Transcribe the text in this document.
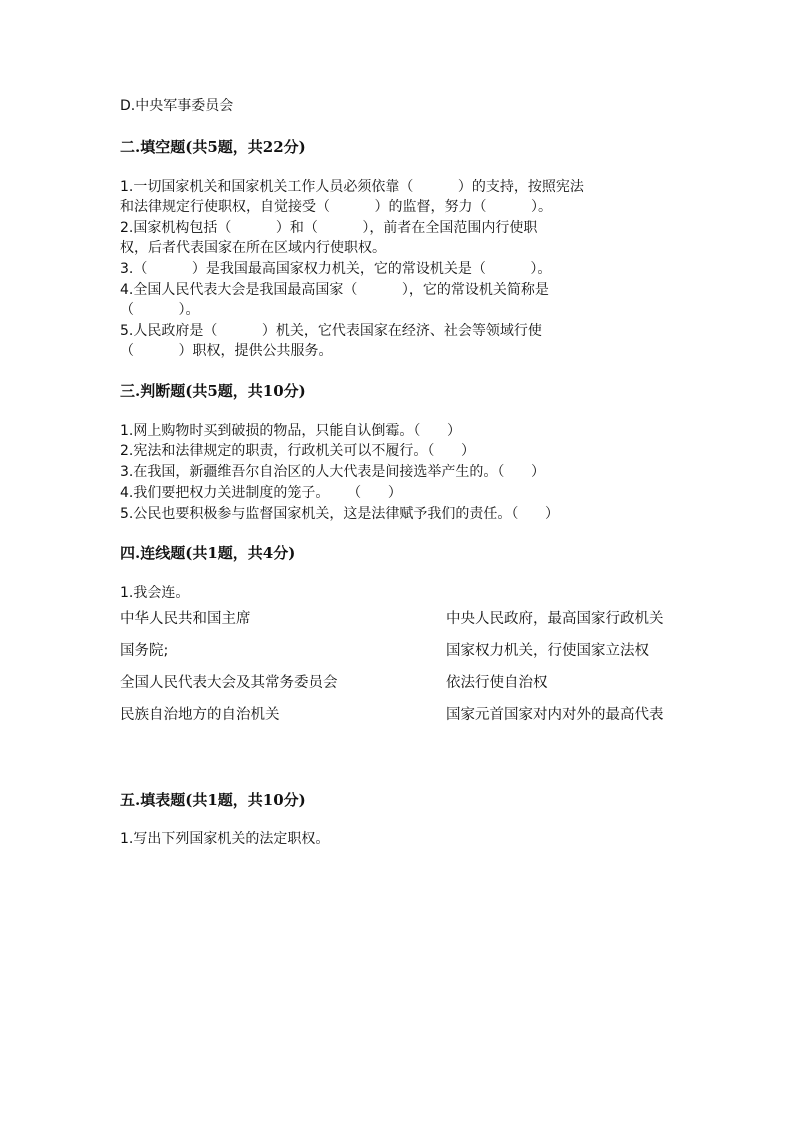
D.中央军事委员会
二.填空题(共5题，共22分)
1.一切国家机关和国家机关工作人员必须依靠（          ）的支持，按照宪法
和法律规定行使职权，自觉接受（          ）的监督，努力（          ）。
2.国家机构包括（          ）和（          ），前者在全国范围内行使职
权，后者代表国家在所在区域内行使职权。
3.（          ）是我国最高国家权力机关，它的常设机关是（          ）。
4.全国人民代表大会是我国最高国家（          ），它的常设机关简称是
（          ）。
5.人民政府是（          ）机关，它代表国家在经济、社会等领域行使
（          ）职权，提供公共服务。
三.判断题(共5题，共10分)
1.网上购物时买到破损的物品，只能自认倒霉。（      ）
2.宪法和法律规定的职责，行政机关可以不履行。（      ）
3.在我国，新疆维吾尔自治区的人大代表是间接选举产生的。（      ）
4.我们要把权力关进制度的笼子。    （      ）
5.公民也要积极参与监督国家机关，这是法律赋予我们的责任。（      ）
四.连线题(共1题，共4分)
1.我会连。
中华人民共和国主席
国务院;
全国人民代表大会及其常务委员会
民族自治地方的自治机关
中央人民政府，最高国家行政机关
国家权力机关，行使国家立法权
依法行使自治权
国家元首国家对内对外的最高代表
五.填表题(共1题，共10分)
1.写出下列国家机关的法定职权。
